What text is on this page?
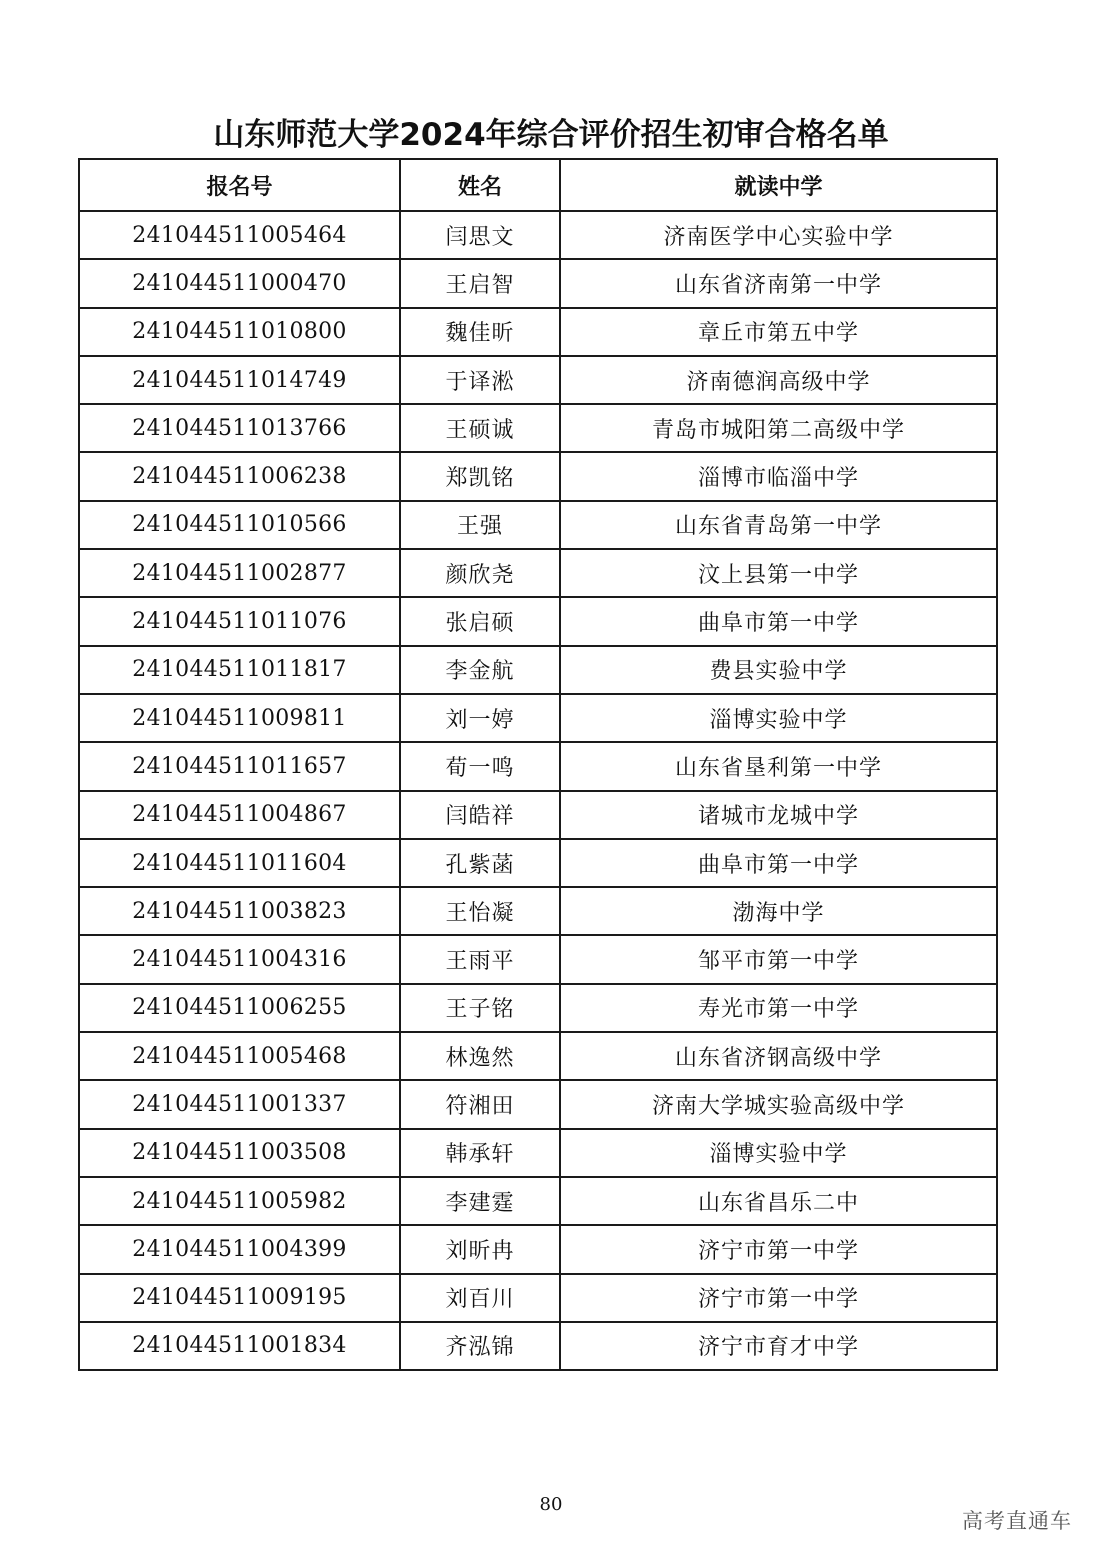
山东师范大学2024年综合评价招生初审合格名单
报名号	姓名	就读中学
241044511005464	闫思文	济南医学中心实验中学
241044511000470	王启智	山东省济南第一中学
241044511010800	魏佳昕	章丘市第五中学
241044511014749	于译淞	济南德润高级中学
241044511013766	王硕诚	青岛市城阳第二高级中学
241044511006238	郑凯铭	淄博市临淄中学
241044511010566	王强	山东省青岛第一中学
241044511002877	颜欣尧	汶上县第一中学
241044511011076	张启硕	曲阜市第一中学
241044511011817	李金航	费县实验中学
241044511009811	刘一婷	淄博实验中学
241044511011657	荀一鸣	山东省垦利第一中学
241044511004867	闫皓祥	诸城市龙城中学
241044511011604	孔紫菡	曲阜市第一中学
241044511003823	王怡凝	渤海中学
241044511004316	王雨平	邹平市第一中学
241044511006255	王子铭	寿光市第一中学
241044511005468	林逸然	山东省济钢高级中学
241044511001337	符湘田	济南大学城实验高级中学
241044511003508	韩承轩	淄博实验中学
241044511005982	李建霆	山东省昌乐二中
241044511004399	刘昕冉	济宁市第一中学
241044511009195	刘百川	济宁市第一中学
241044511001834	齐泓锦	济宁市育才中学
80
高考直通车
